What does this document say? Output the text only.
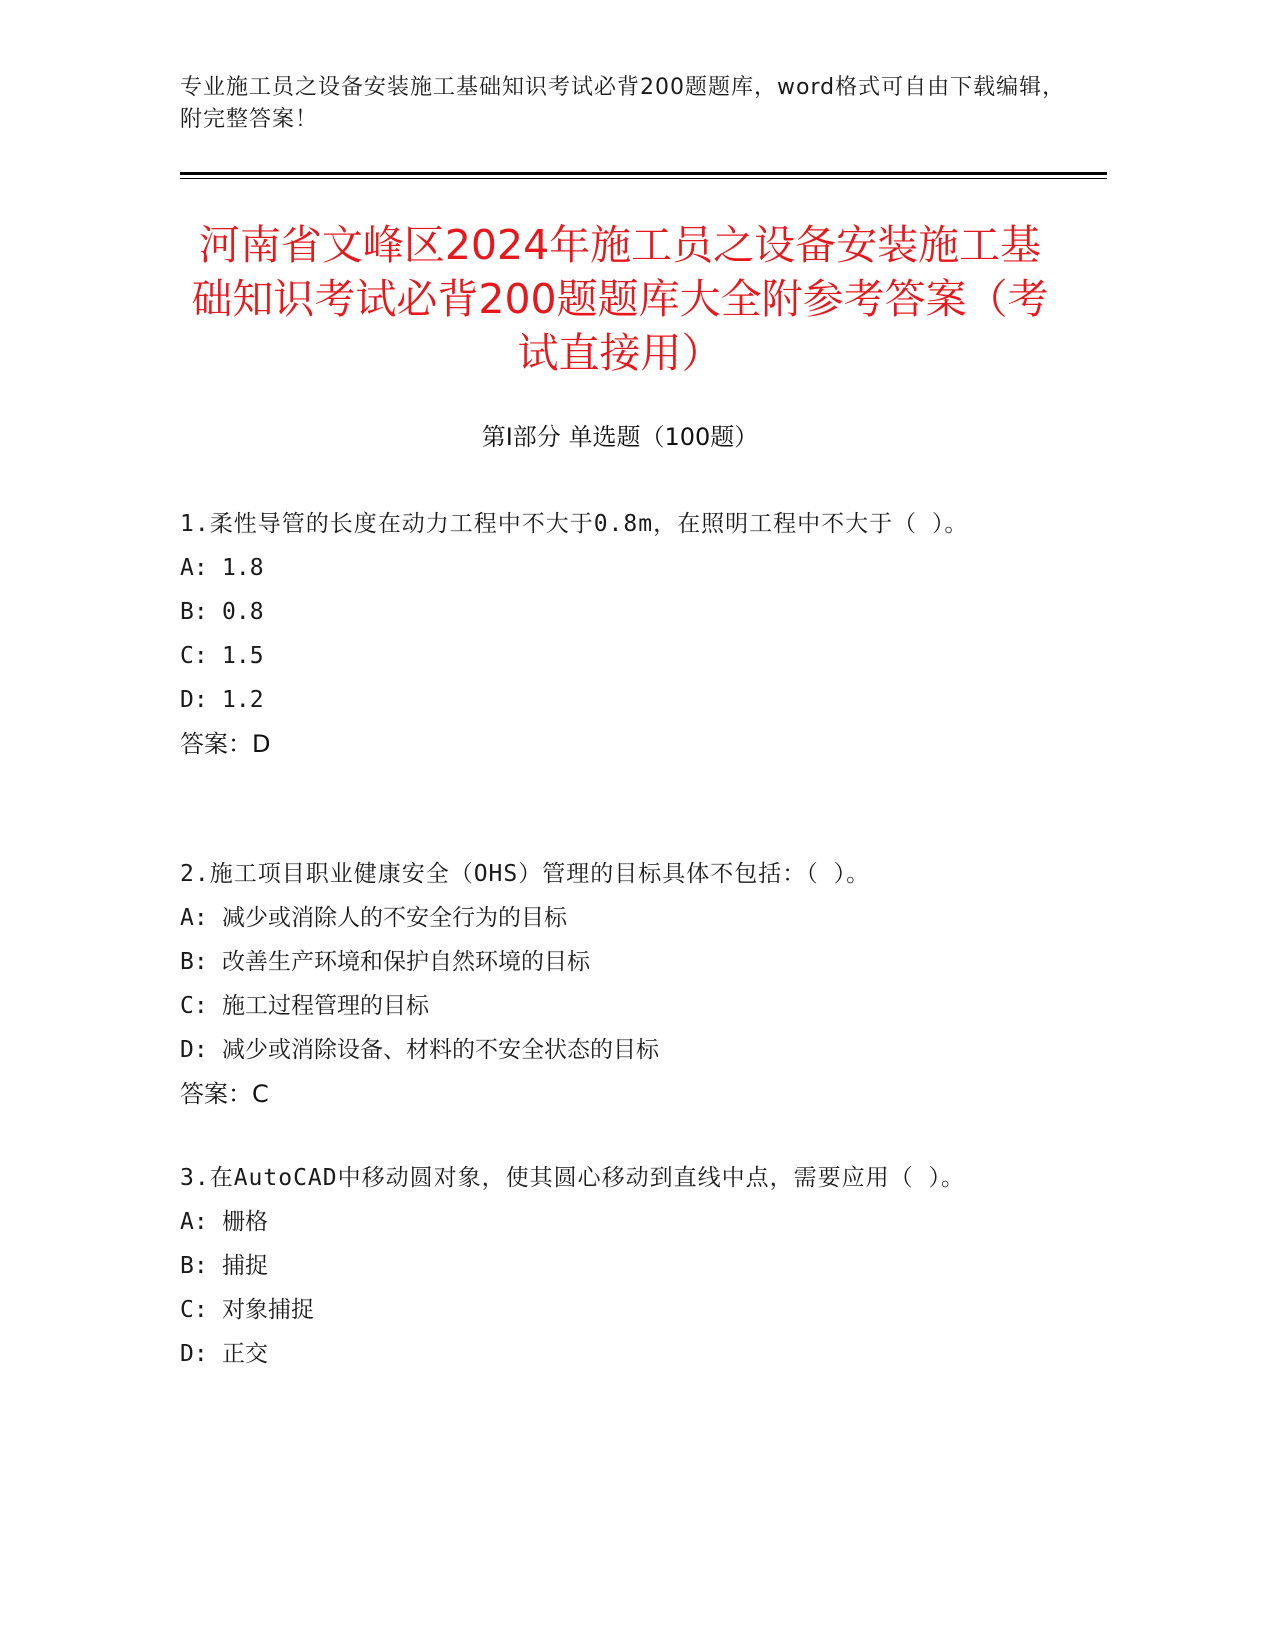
专业施工员之设备安装施工基础知识考试必背200题题库，word格式可自由下载编辑，附完整答案！
河南省文峰区2024年施工员之设备安装施工基础知识考试必背200题题库大全附参考答案（考试直接用）
第Ⅰ部分 单选题（100题）
1.柔性导管的长度在动力工程中不大于0.8m，在照明工程中不大于（ ）。
A: 1.8
B: 0.8
C: 1.5
D: 1.2
答案：D
2.施工项目职业健康安全（OHS）管理的目标具体不包括：（ ）。
A: 减少或消除人的不安全行为的目标
B: 改善生产环境和保护自然环境的目标
C: 施工过程管理的目标
D: 减少或消除设备、材料的不安全状态的目标
答案：C
3.在AutoCAD中移动圆对象，使其圆心移动到直线中点，需要应用（ ）。
A: 栅格
B: 捕捉
C: 对象捕捉
D: 正交
